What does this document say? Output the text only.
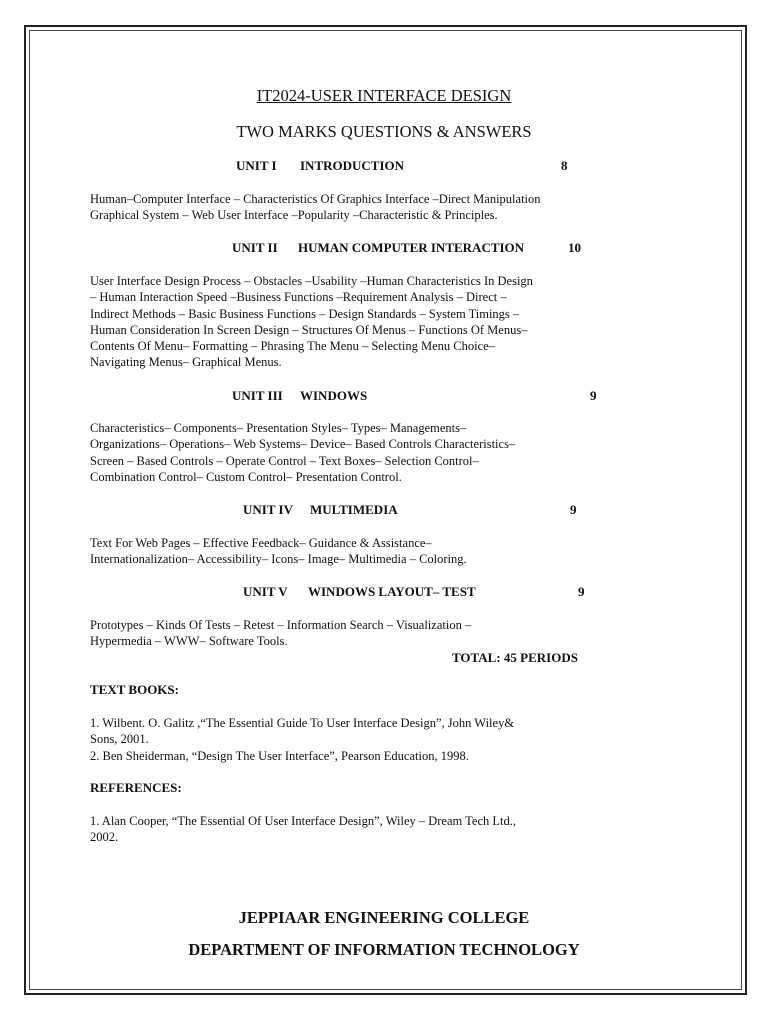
IT2024-USER INTERFACE DESIGN
TWO MARKS QUESTIONS & ANSWERS
UNIT I INTRODUCTION	8
Human–Computer Interface – Characteristics Of Graphics Interface –Direct Manipulation
Graphical System – Web User Interface –Popularity –Characteristic & Principles.
UNIT II HUMAN COMPUTER INTERACTION	10
User Interface Design Process – Obstacles –Usability –Human Characteristics In Design
– Human Interaction Speed –Business Functions –Requirement Analysis – Direct –
Indirect Methods – Basic Business Functions – Design Standards – System Timings –
Human Consideration In Screen Design – Structures Of Menus – Functions Of Menus–
Contents Of Menu– Formatting – Phrasing The Menu – Selecting Menu Choice–
Navigating Menus– Graphical Menus.
UNIT III WINDOWS	9
Characteristics– Components– Presentation Styles– Types– Managements–
Organizations– Operations– Web Systems– Device– Based Controls Characteristics–
Screen – Based Controls – Operate Control – Text Boxes– Selection Control–
Combination Control– Custom Control– Presentation Control.
UNIT IV MULTIMEDIA	9
Text For Web Pages – Effective Feedback– Guidance & Assistance–
Internationalization– Accessibility– Icons– Image– Multimedia – Coloring.
UNIT V WINDOWS LAYOUT– TEST	9
Prototypes – Kinds Of Tests – Retest – Information Search – Visualization –
Hypermedia – WWW– Software Tools.
TOTAL: 45 PERIODS
TEXT BOOKS:
1. Wilbent. O. Galitz ,“The Essential Guide To User Interface Design”, John Wiley&
Sons, 2001.
2. Ben Sheiderman, “Design The User Interface”, Pearson Education, 1998.
REFERENCES:
1. Alan Cooper, “The Essential Of User Interface Design”, Wiley – Dream Tech Ltd.,
2002.
JEPPIAAR ENGINEERING COLLEGE
DEPARTMENT OF INFORMATION TECHNOLOGY
